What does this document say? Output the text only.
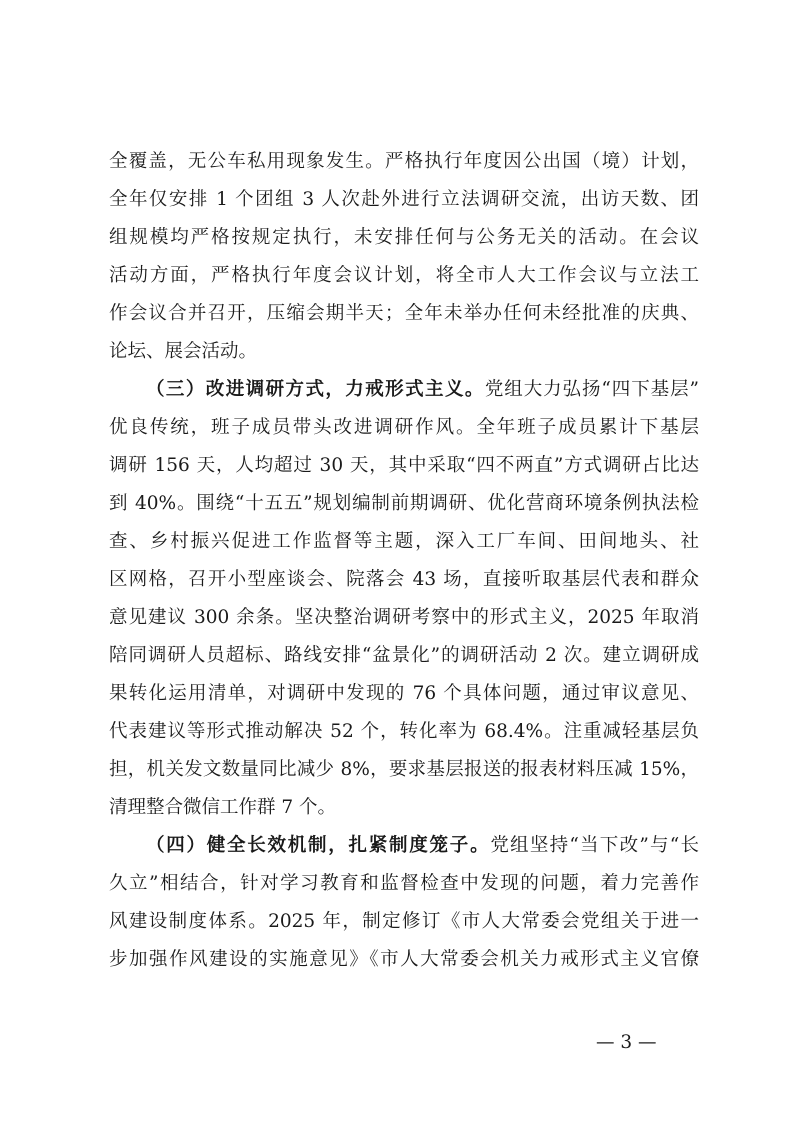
全覆盖，无公车私用现象发生。严格执行年度因公出国（境）计划，
全年仅安排 1 个团组 3 人次赴外进行立法调研交流，出访天数、团
组规模均严格按规定执行，未安排任何与公务无关的活动。在会议
活动方面，严格执行年度会议计划，将全市人大工作会议与立法工
作会议合并召开，压缩会期半天；全年未举办任何未经批准的庆典、
论坛、展会活动。
（三）改进调研方式，力戒形式主义。党组大力弘扬“四下基层”
优良传统，班子成员带头改进调研作风。全年班子成员累计下基层
调研 156 天，人均超过 30 天，其中采取“四不两直”方式调研占比达
到 40%。围绕“十五五”规划编制前期调研、优化营商环境条例执法检
查、乡村振兴促进工作监督等主题，深入工厂车间、田间地头、社
区网格，召开小型座谈会、院落会 43 场，直接听取基层代表和群众
意见建议 300 余条。坚决整治调研考察中的形式主义，2025 年取消
陪同调研人员超标、路线安排“盆景化”的调研活动 2 次。建立调研成
果转化运用清单，对调研中发现的 76 个具体问题，通过审议意见、
代表建议等形式推动解决 52 个，转化率为 68.4%。注重减轻基层负
担，机关发文数量同比减少 8%，要求基层报送的报表材料压减 15%，
清理整合微信工作群 7 个。
（四）健全长效机制，扎紧制度笼子。党组坚持“当下改”与“长
久立”相结合，针对学习教育和监督检查中发现的问题，着力完善作
风建设制度体系。2025 年，制定修订《市人大常委会党组关于进一
步加强作风建设的实施意见》《市人大常委会机关力戒形式主义官僚
— 3 —
